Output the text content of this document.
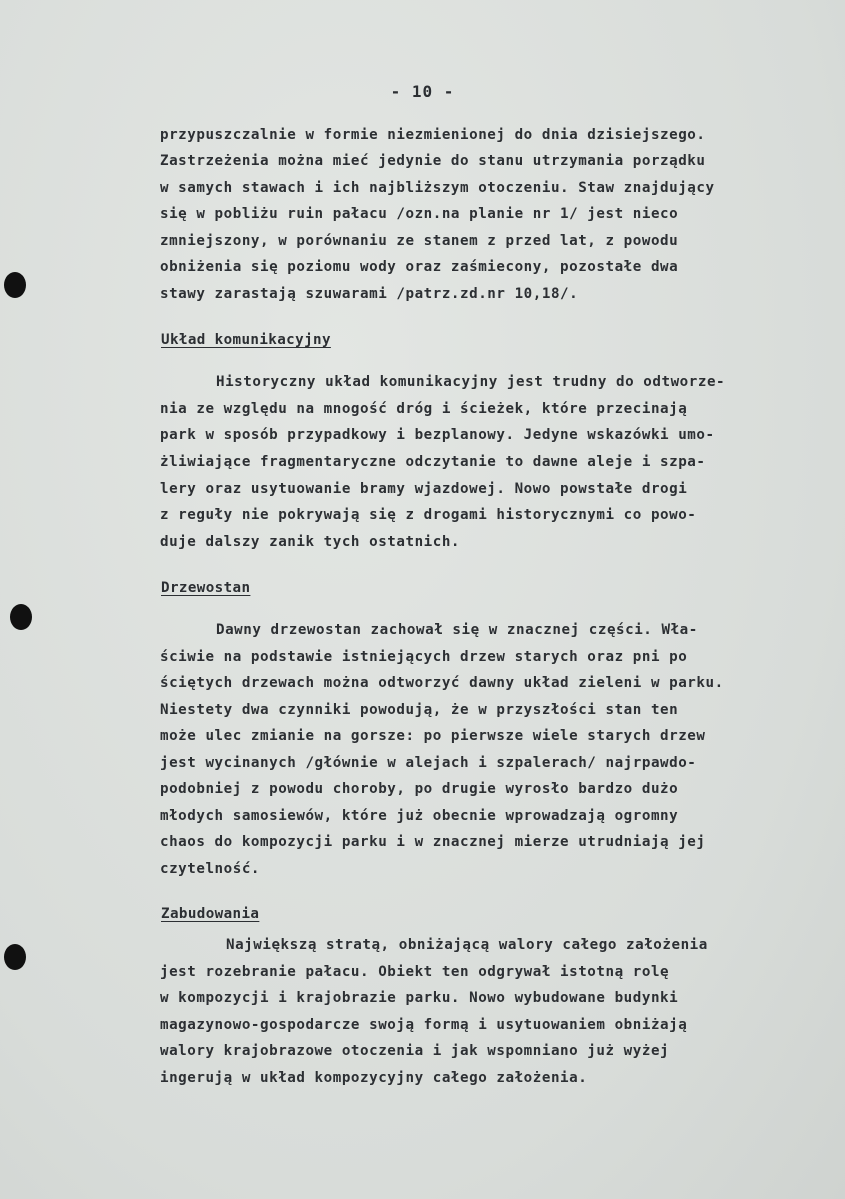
- 10 -
przypuszczalnie w formie niezmienionej do dnia dzisiejszego.
Zastrzeżenia można mieć jedynie do stanu utrzymania porządku
w samych stawach i ich najbliższym otoczeniu. Staw znajdujący
się w pobliżu ruin pałacu /ozn.na planie nr 1/ jest nieco
zmniejszony, w porównaniu ze stanem z przed lat, z powodu
obniżenia się poziomu wody oraz zaśmiecony, pozostałe dwa
stawy zarastają szuwarami /patrz.zd.nr 10,18/.
Układ komunikacyjny
Historyczny układ komunikacyjny jest trudny do odtworze-
nia ze względu na mnogość dróg i ścieżek, które przecinają
park w sposób przypadkowy i bezplanowy. Jedyne wskazówki umo-
żliwiające fragmentaryczne odczytanie to dawne aleje i szpa-
lery oraz usytuowanie bramy wjazdowej. Nowo powstałe drogi
z reguły nie pokrywają się z drogami historycznymi co powo-
duje dalszy zanik tych ostatnich.
Drzewostan
Dawny drzewostan zachował się w znacznej części. Wła-
ściwie na podstawie istniejących drzew starych oraz pni po
ściętych drzewach można odtworzyć dawny układ zieleni w parku.
Niestety dwa czynniki powodują, że w przyszłości stan ten
może ulec zmianie na gorsze: po pierwsze wiele starych drzew
jest wycinanych /głównie w alejach i szpalerach/ najrpawdo-
podobniej z powodu choroby, po drugie wyrosło bardzo dużo
młodych samosiewów, które już obecnie wprowadzają ogromny
chaos do kompozycji parku i w znacznej mierze utrudniają jej
czytelność.
Zabudowania
Największą stratą, obniżającą walory całego założenia
jest rozebranie pałacu. Obiekt ten odgrywał istotną rolę
w kompozycji i krajobrazie parku. Nowo wybudowane budynki
magazynowo-gospodarcze swoją formą i usytuowaniem obniżają
walory krajobrazowe otoczenia i jak wspomniano już wyżej
ingerują w układ kompozycyjny całego założenia.
